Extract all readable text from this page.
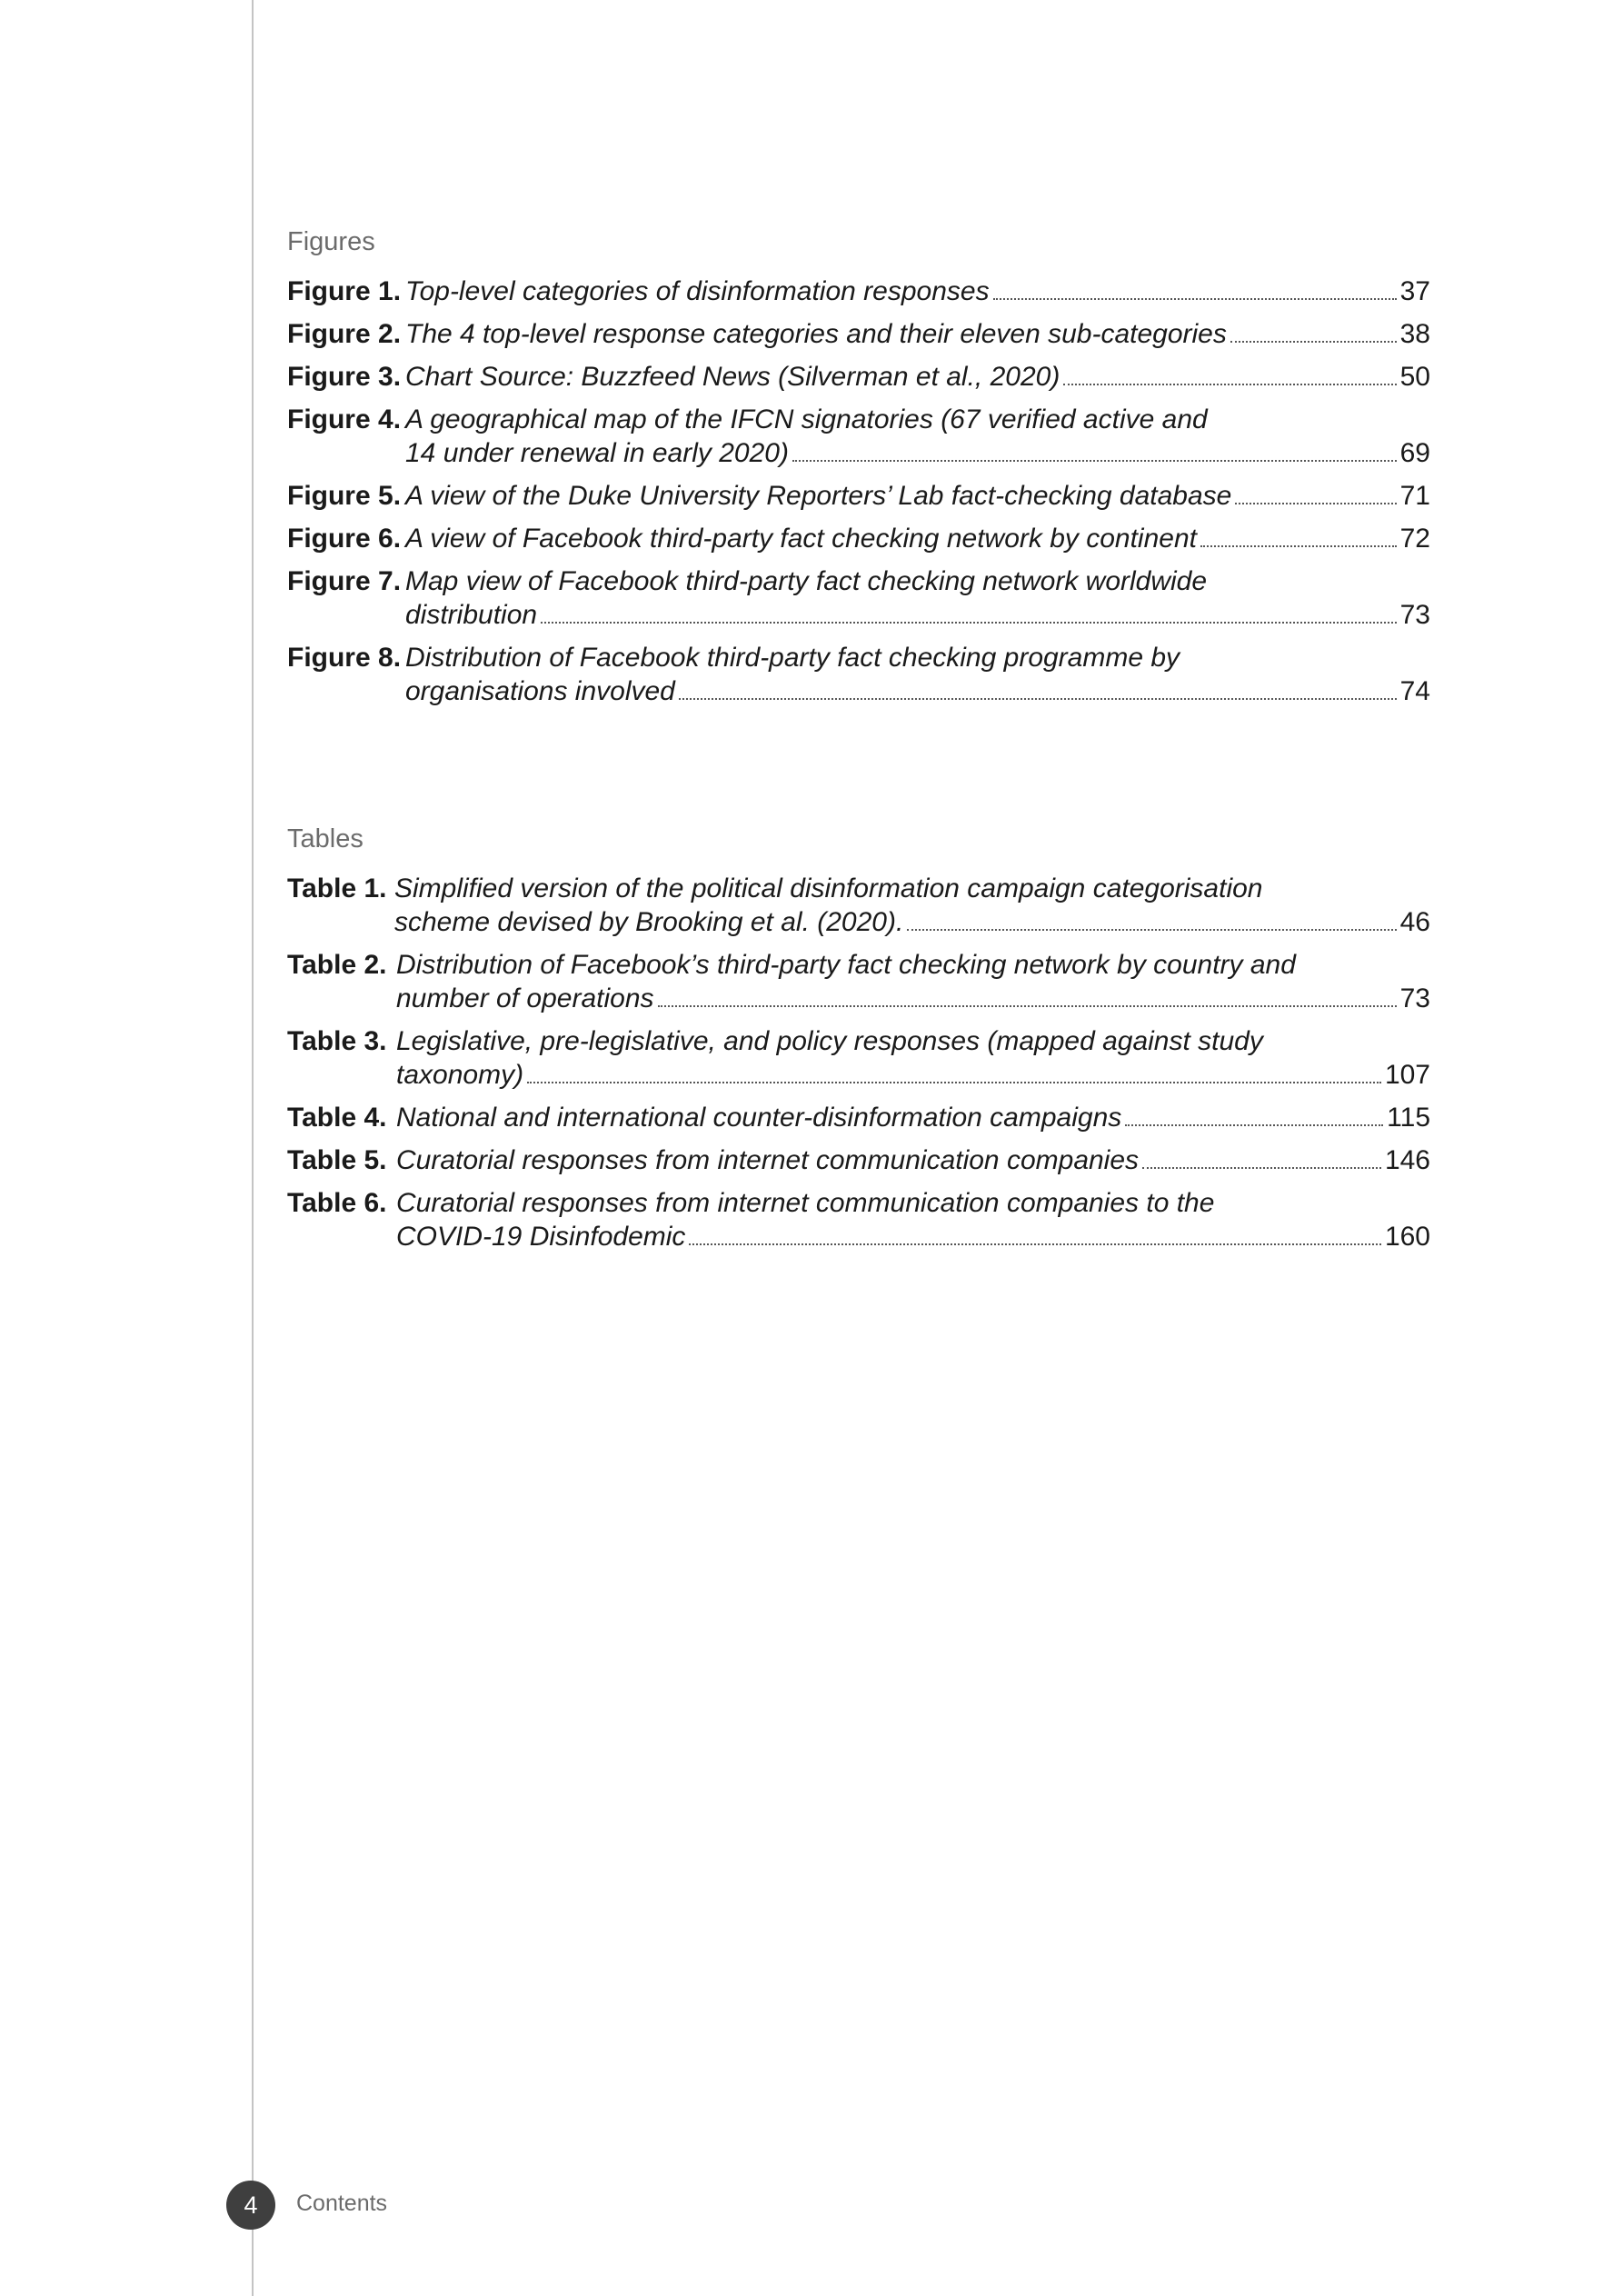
Figures
Figure 1. Top-level categories of disinformation responses	37
Figure 2. The 4 top-level response categories and their eleven sub-categories	38
Figure 3. Chart Source: Buzzfeed News (Silverman et al., 2020)	50
Figure 4. A geographical map of the IFCN signatories (67 verified active and
14 under renewal in early 2020)	69
Figure 5. A view of the Duke University Reporters’ Lab fact-checking database	71
Figure 6. A view of Facebook third-party fact checking network by continent	72
Figure 7. Map view of Facebook third-party fact checking network worldwide
distribution	73
Figure 8. Distribution of Facebook third-party fact checking programme by
organisations involved	74
Tables
Table 1. Simplified version of the political disinformation campaign categorisation
scheme devised by Brooking et al. (2020).	46
Table 2. Distribution of Facebook’s third-party fact checking network by country and
number of operations	73
Table 3. Legislative, pre-legislative, and policy responses (mapped against study
taxonomy)	107
Table 4. National and international counter-disinformation campaigns	115
Table 5. Curatorial responses from internet communication companies	146
Table 6. Curatorial responses from internet communication companies to the
COVID-19 Disinfodemic	160
4	Contents
